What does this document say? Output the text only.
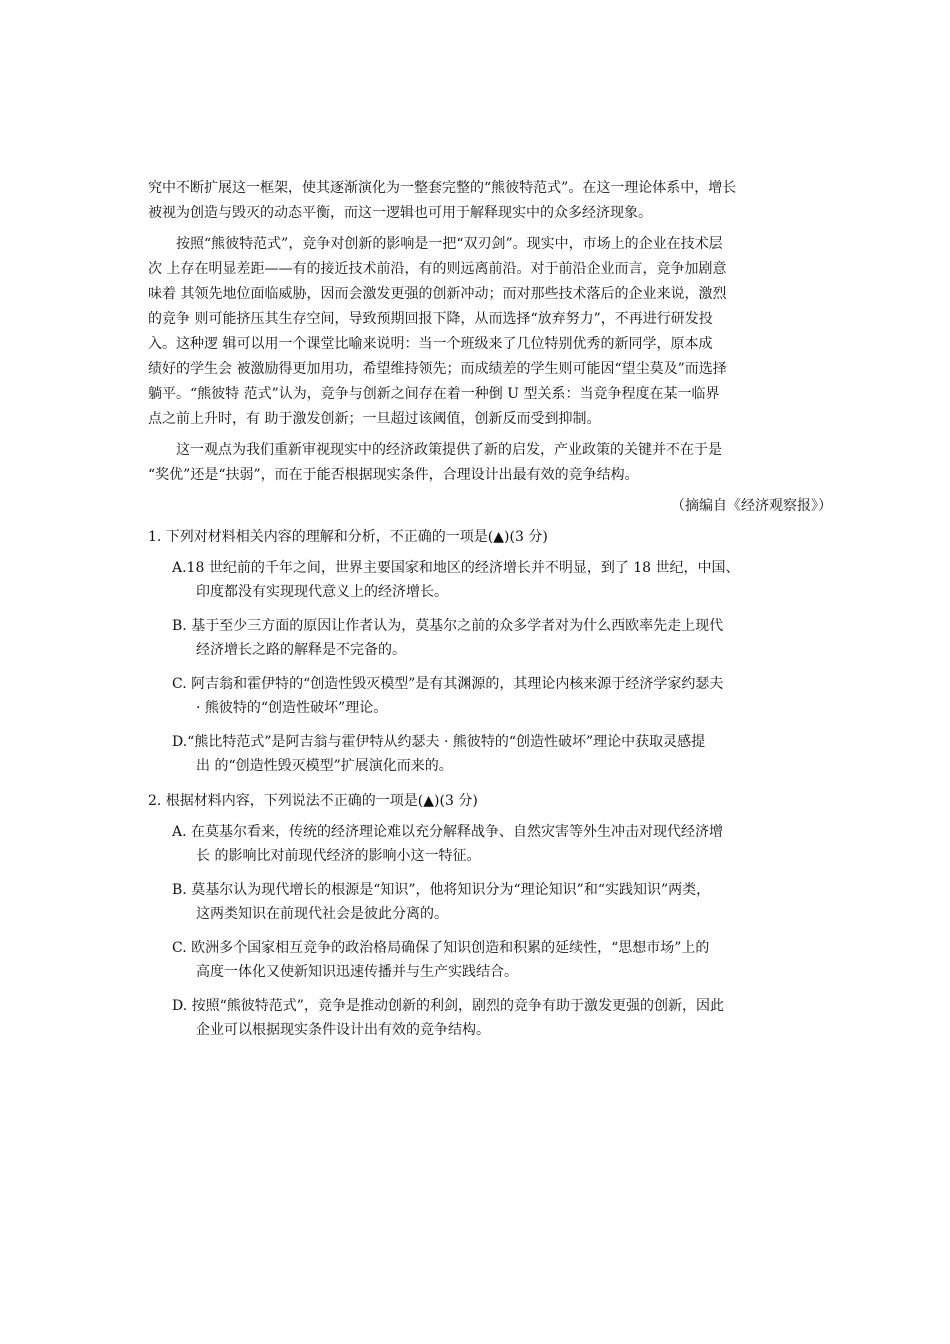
究中不断扩展这一框架，使其逐渐演化为一整套完整的“熊彼特范式”。在这一理论体系中，增长
被视为创造与毁灭的动态平衡，而这一逻辑也可用于解释现实中的众多经济现象。
按照“熊彼特范式”，竞争对创新的影响是一把“双刃剑”。现实中，市场上的企业在技术层
次 上存在明显差距——有的接近技术前沿，有的则远离前沿。对于前沿企业而言，竞争加剧意
味着 其领先地位面临威胁，因而会激发更强的创新冲动；而对那些技术落后的企业来说，激烈
的竞争 则可能挤压其生存空间，导致预期回报下降，从而选择“放弃努力”，不再进行研发投
入。这种逻 辑可以用一个课堂比喻来说明：当一个班级来了几位特别优秀的新同学，原本成
绩好的学生会 被激励得更加用功，希望维持领先；而成绩差的学生则可能因“望尘莫及”而选择
躺平。“熊彼特 范式”认为，竞争与创新之间存在着一种倒 U 型关系：当竞争程度在某一临界
点之前上升时，有 助于激发创新；一旦超过该阈值，创新反而受到抑制。
这一观点为我们重新审视现实中的经济政策提供了新的启发，产业政策的关键并不在于是
“奖优”还是“扶弱”，而在于能否根据现实条件，合理设计出最有效的竞争结构。
（摘编自《经济观察报》）
1. 下列对材料相关内容的理解和分析，不正确的一项是(▲)(3 分)
A.18 世纪前的千年之间，世界主要国家和地区的经济增长并不明显，到了 18 世纪，中国、
印度都没有实现现代意义上的经济增长。
B. 基于至少三方面的原因让作者认为，莫基尔之前的众多学者对为什么西欧率先走上现代
经济增长之路的解释是不完备的。
C. 阿吉翁和霍伊特的“创造性毁灭模型”是有其渊源的，其理论内核来源于经济学家约瑟夫
· 熊彼特的“创造性破坏”理论。
D.“熊比特范式”是阿吉翁与霍伊特从约瑟夫 · 熊彼特的“创造性破坏”理论中获取灵感提
出 的“创造性毁灭模型”扩展演化而来的。
2. 根据材料内容，下列说法不正确的一项是(▲)(3 分)
A. 在莫基尔看来，传统的经济理论难以充分解释战争、自然灾害等外生冲击对现代经济增
长 的影响比对前现代经济的影响小这一特征。
B. 莫基尔认为现代增长的根源是“知识”，他将知识分为“理论知识”和“实践知识”两类，
这两类知识在前现代社会是彼此分离的。
C. 欧洲多个国家相互竞争的政治格局确保了知识创造和积累的延续性，“思想市场”上的
高度一体化又使新知识迅速传播并与生产实践结合。
D. 按照“熊彼特范式”，竞争是推动创新的利剑，剧烈的竞争有助于激发更强的创新，因此
企业可以根据现实条件设计出有效的竞争结构。
